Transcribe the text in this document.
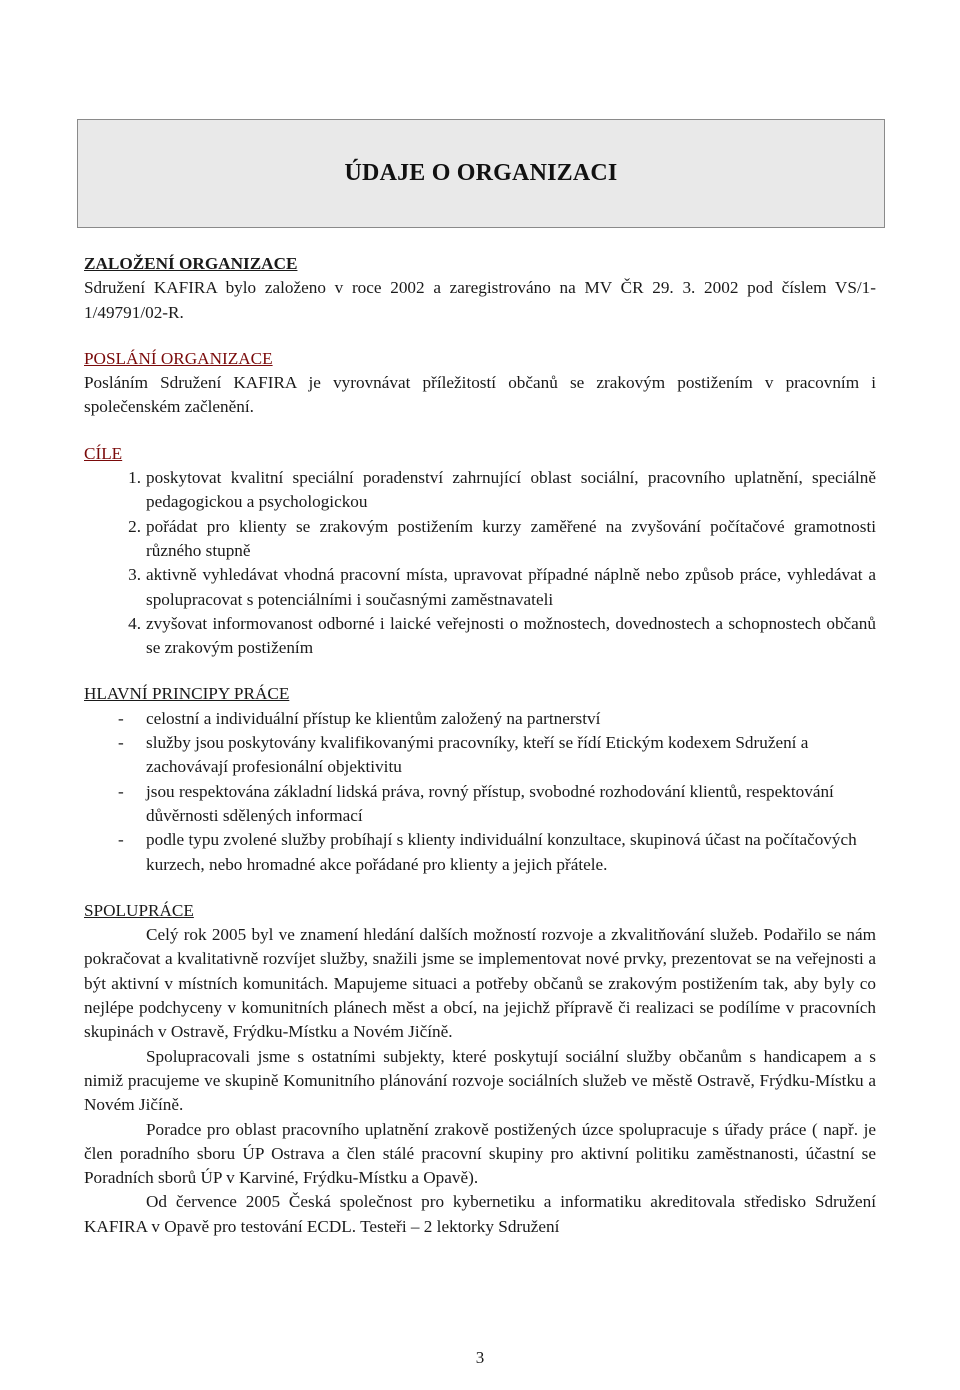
ÚDAJE O ORGANIZACI
ZALOŽENÍ ORGANIZACE
Sdružení KAFIRA bylo založeno v roce 2002 a zaregistrováno na MV ČR 29. 3. 2002 pod číslem VS/1-1/49791/02-R.
POSLÁNÍ ORGANIZACE
Posláním Sdružení KAFIRA je vyrovnávat příležitostí občanů se zrakovým postižením v pracovním i společenském začlenění.
CÍLE
1. poskytovat kvalitní speciální poradenství zahrnující oblast sociální, pracovního uplatnění, speciálně pedagogickou a psychologickou
2. pořádat pro klienty se zrakovým postižením kurzy zaměřené na zvyšování počítačové gramotnosti různého stupně
3. aktivně vyhledávat vhodná pracovní místa, upravovat případné náplně nebo způsob práce, vyhledávat a spolupracovat s potenciálními i současnými zaměstnavateli
4. zvyšovat informovanost odborné i laické veřejnosti o možnostech, dovednostech a schopnostech občanů se zrakovým postižením
HLAVNÍ PRINCIPY PRÁCE
-	celostní a individuální přístup ke klientům založený na partnerství
-	služby jsou poskytovány kvalifikovanými pracovníky, kteří se řídí Etickým kodexem Sdružení a zachovávají profesionální objektivitu
-	jsou respektována základní lidská práva, rovný přístup, svobodné rozhodování klientů, respektování důvěrnosti sdělených informací
-	podle typu zvolené služby probíhají s klienty individuální konzultace, skupinová účast na počítačových kurzech, nebo hromadné akce pořádané pro klienty a jejich přátele.
SPOLUPRÁCE
Celý rok 2005 byl ve znamení hledání dalších možností rozvoje a zkvalitňování služeb. Podařilo se nám pokračovat a kvalitativně rozvíjet služby, snažili jsme se implementovat nové prvky, prezentovat se na veřejnosti a být aktivní v místních komunitách. Mapujeme situaci a potřeby občanů se zrakovým postižením tak, aby byly co nejlépe podchyceny v komunitních plánech měst a obcí, na jejichž přípravě či realizaci se podílíme v pracovních skupinách v Ostravě, Frýdku-Místku a Novém Jičíně.
Spolupracovali jsme s ostatními subjekty, které poskytují sociální služby občanům s handicapem a s nimiž pracujeme ve skupině Komunitního plánování rozvoje sociálních služeb ve městě Ostravě, Frýdku-Místku a Novém Jičíně.
Poradce pro oblast pracovního uplatnění zrakově postižených úzce spolupracuje s úřady práce ( např. je člen poradního sboru ÚP Ostrava a člen stálé pracovní skupiny pro aktivní politiku zaměstnanosti, účastní se Poradních sborů ÚP v Karviné, Frýdku-Místku a Opavě).
Od července 2005 Česká společnost pro kybernetiku a informatiku akreditovala středisko Sdružení KAFIRA v Opavě pro testování ECDL. Testeři – 2 lektorky Sdružení
3
